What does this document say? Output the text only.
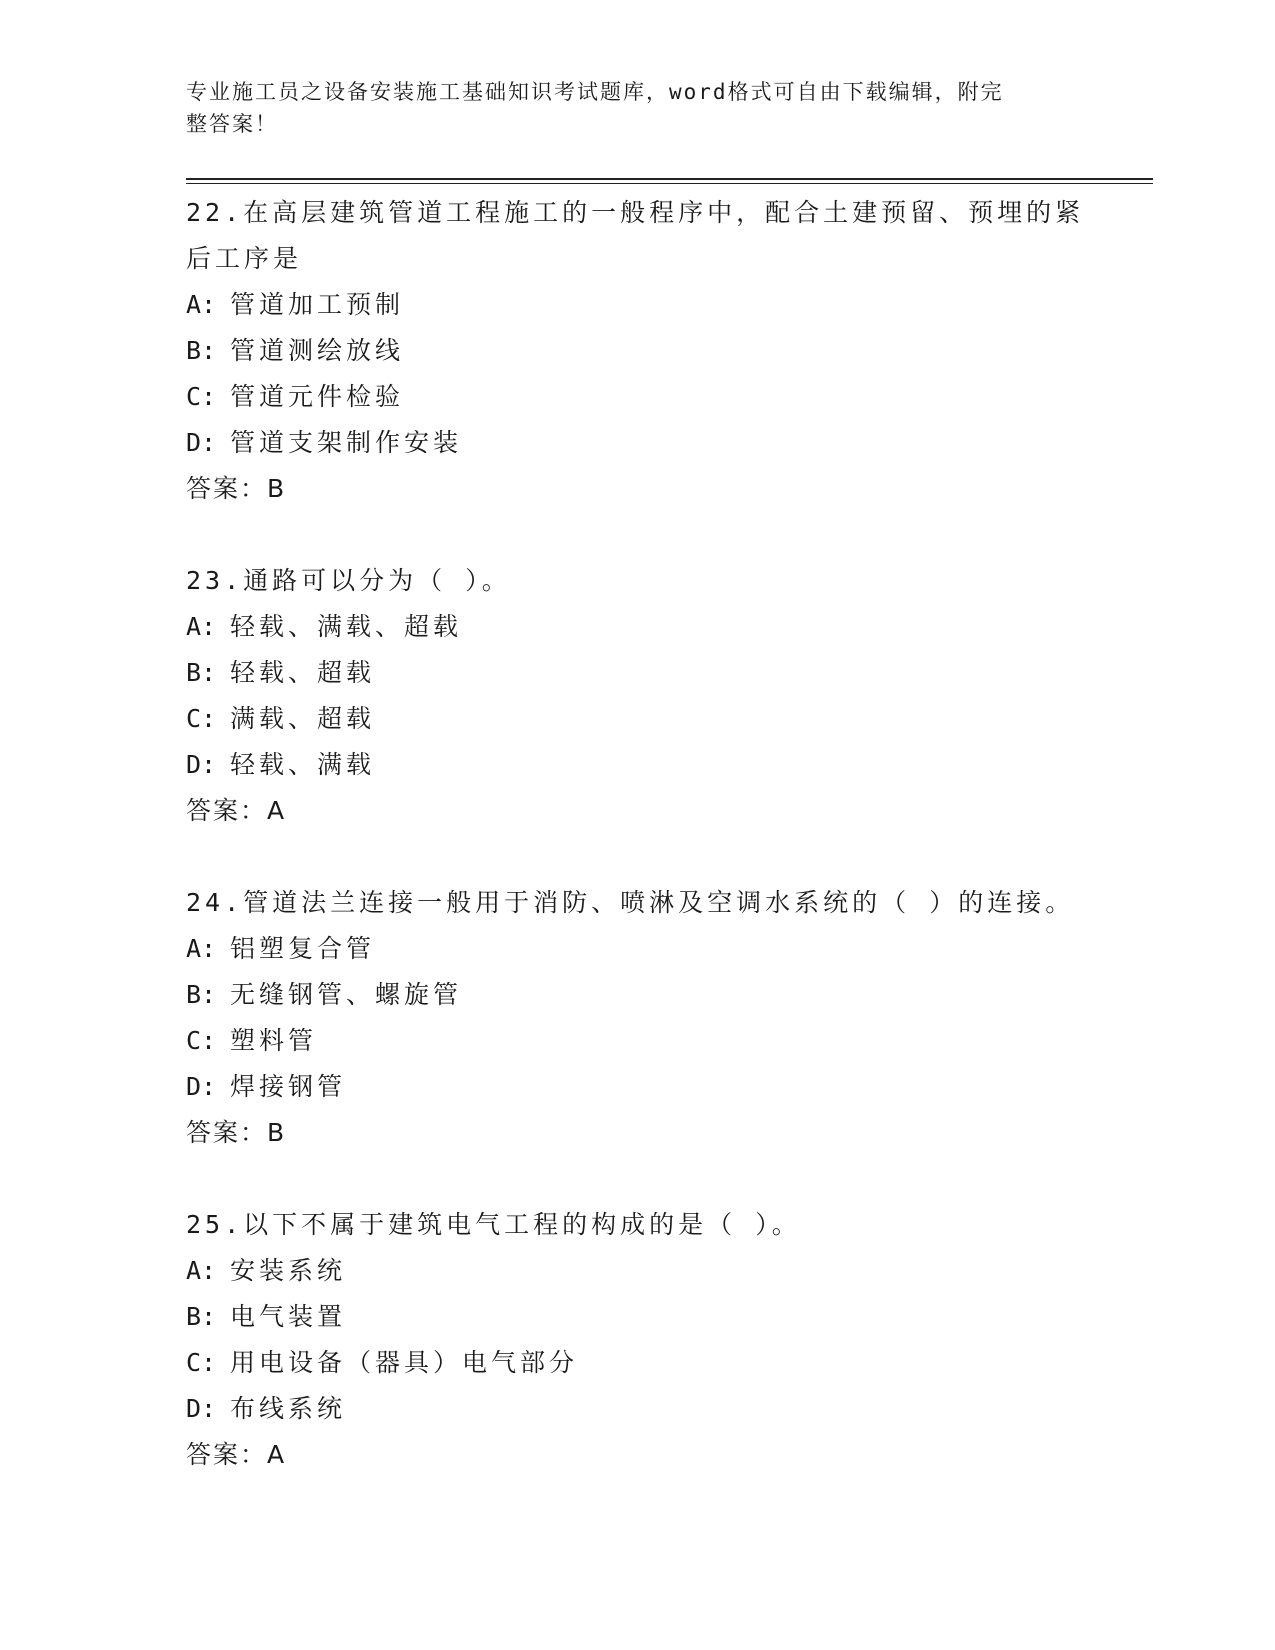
专业施工员之设备安装施工基础知识考试题库，word格式可自由下载编辑，附完
整答案！

22.在高层建筑管道工程施工的一般程序中，配合土建预留、预埋的紧

后工序是

A: 管道加工预制

B: 管道测绘放线

C: 管道元件检验

D: 管道支架制作安装

答案：B

23.通路可以分为（ ）。

A: 轻载、满载、超载

B: 轻载、超载

C: 满载、超载

D: 轻载、满载

答案：A

24.管道法兰连接一般用于消防、喷淋及空调水系统的（ ）的连接。

A: 铝塑复合管

B: 无缝钢管、螺旋管

C: 塑料管

D: 焊接钢管

答案：B

25.以下不属于建筑电气工程的构成的是（ ）。

A: 安装系统

B: 电气装置

C: 用电设备（器具）电气部分

D: 布线系统

答案：A
